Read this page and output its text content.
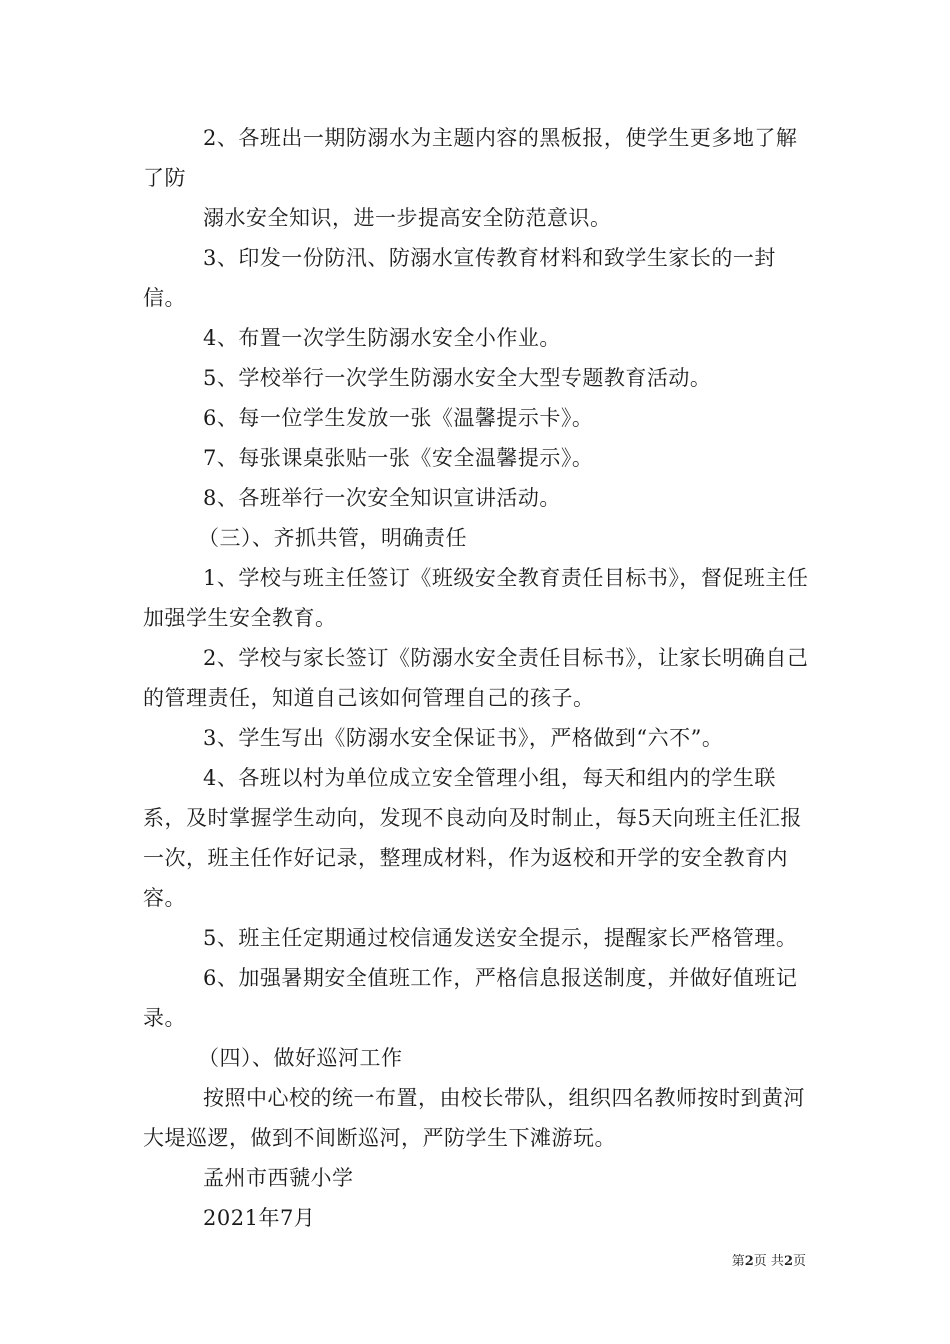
2、各班出一期防溺水为主题内容的黑板报，使学生更多地了解了防

溺水安全知识，进一步提高安全防范意识。

3、印发一份防汛、防溺水宣传教育材料和致学生家长的一封信。

4、布置一次学生防溺水安全小作业。

5、学校举行一次学生防溺水安全大型专题教育活动。

6、每一位学生发放一张《温馨提示卡》。

7、每张课桌张贴一张《安全温馨提示》。

8、各班举行一次安全知识宣讲活动。

（三）、齐抓共管，明确责任

1、学校与班主任签订《班级安全教育责任目标书》，督促班主任加强学生安全教育。

2、学校与家长签订《防溺水安全责任目标书》，让家长明确自己的管理责任，知道自己该如何管理自己的孩子。

3、学生写出《防溺水安全保证书》，严格做到“六不”。

4、各班以村为单位成立安全管理小组，每天和组内的学生联系，及时掌握学生动向，发现不良动向及时制止，每5天向班主任汇报一次，班主任作好记录，整理成材料，作为返校和开学的安全教育内容。

5、班主任定期通过校信通发送安全提示，提醒家长严格管理。

6、加强暑期安全值班工作，严格信息报送制度，并做好值班记录。

（四）、做好巡河工作

按照中心校的统一布置，由校长带队，组织四名教师按时到黄河大堤巡逻，做到不间断巡河，严防学生下滩游玩。

孟州市西虢小学

2021年7月

第2页 共2页
